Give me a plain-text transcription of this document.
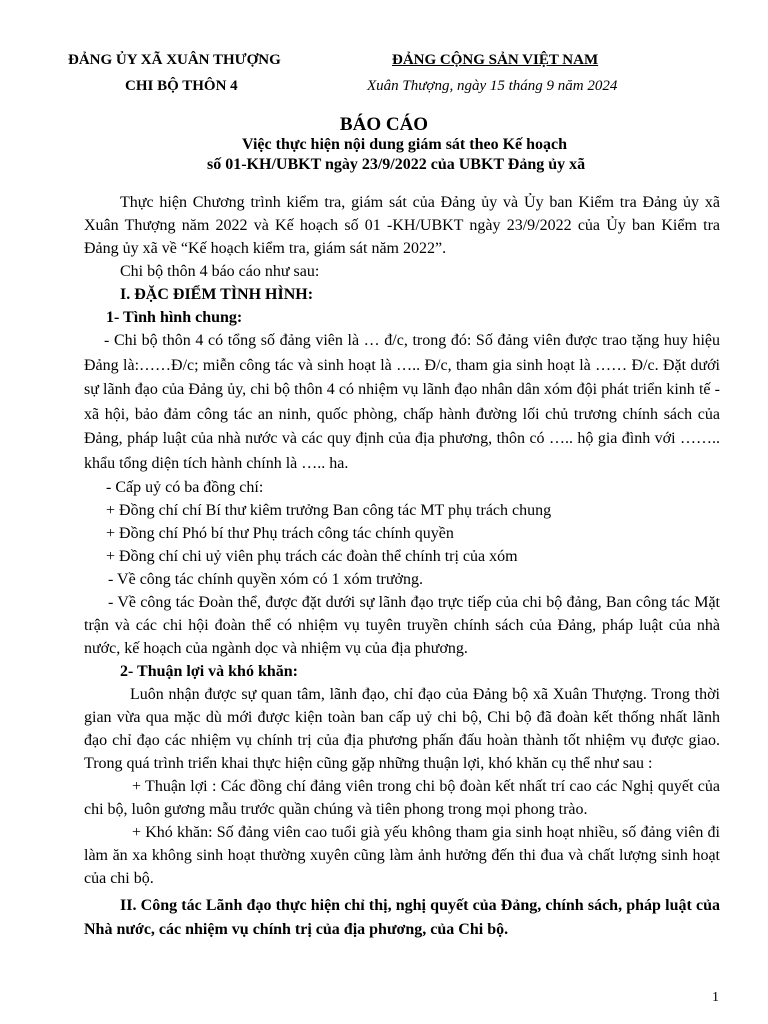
ĐẢNG ỦY XÃ XUÂN THƯỢNG
CHI BỘ THÔN 4
ĐẢNG CỘNG SẢN VIỆT NAM
Xuân Thượng, ngày 15 tháng 9 năm 2024
BÁO CÁO
Việc thực hiện nội dung giám sát theo Kế hoạch
số 01-KH/UBKT ngày 23/9/2022 của UBKT Đảng ủy xã

Thực hiện Chương trình kiểm tra, giám sát của Đảng ủy và Ủy ban Kiểm tra Đảng ủy xã Xuân Thượng năm 2022 và Kế hoạch số 01 -KH/UBKT ngày 23/9/2022 của Ủy ban Kiểm tra Đảng ủy xã về “Kế hoạch kiểm tra, giám sát năm 2022”.

Chi bộ thôn 4 báo cáo như sau:

I. ĐẶC ĐIỂM TÌNH HÌNH:

1- Tình hình chung:

- Chi bộ thôn 4 có tổng số đảng viên là … đ/c, trong đó: Số đảng viên được trao tặng huy hiệu Đảng là:……Đ/c; miễn công tác và sinh hoạt là ….. Đ/c, tham gia sinh hoạt là …… Đ/c. Đặt dưới sự lãnh đạo của Đảng ủy, chi bộ thôn 4 có nhiệm vụ lãnh đạo nhân dân xóm đội phát triển kinh tế -xã hội, bảo đảm công tác an ninh, quốc phòng, chấp hành đường lối chủ trương chính sách của Đảng, pháp luật của nhà nước và các quy định của địa phương, thôn có ….. hộ gia đình với …….. khẩu tổng diện tích hành chính là ….. ha.

- Cấp uỷ có ba đồng chí:

+ Đồng chí chí Bí thư kiêm trưởng Ban công tác MT phụ trách chung

+ Đồng chí Phó bí thư Phụ trách công tác chính quyền

+ Đồng chí chi uỷ viên phụ trách các đoàn thể chính trị của xóm

- Về công tác chính quyền xóm có 1 xóm trưởng.

- Về công tác Đoàn thể, được đặt dưới sự lãnh đạo trực tiếp của chi bộ đảng, Ban công tác Mặt trận và các chi hội đoàn thể có nhiệm vụ tuyên truyền chính sách của Đảng, pháp luật của nhà nước, kế hoạch của ngành dọc và nhiệm vụ của địa phương.

2- Thuận lợi và khó khăn:

Luôn nhận được sự quan tâm, lãnh đạo, chỉ đạo của Đảng bộ xã Xuân Thượng. Trong thời gian vừa qua mặc dù mới được kiện toàn ban cấp uỷ chi bộ, Chi bộ đã đoàn kết thống nhất lãnh đạo chỉ đạo các nhiệm vụ chính trị của địa phương phấn đấu hoàn thành tốt nhiệm vụ được giao. Trong quá trình triển khai thực hiện cũng gặp những thuận lợi, khó khăn cụ thể như sau :

+ Thuận lợi : Các đồng chí đảng viên trong chi bộ đoàn kết nhất trí cao các Nghị quyết của chi bộ, luôn gương mẫu trước quần chúng và tiên phong trong mọi phong trào.

+ Khó khăn: Số đảng viên cao tuổi già yếu không tham gia sinh hoạt nhiều, số đảng viên đi làm ăn xa không sinh hoạt thường xuyên cũng làm ảnh hưởng đến thi đua và chất lượng sinh hoạt của chi bộ.

II. Công tác Lãnh đạo thực hiện chỉ thị, nghị quyết của Đảng, chính sách, pháp luật của Nhà nước, các nhiệm vụ chính trị của địa phương, của Chi bộ.

1
